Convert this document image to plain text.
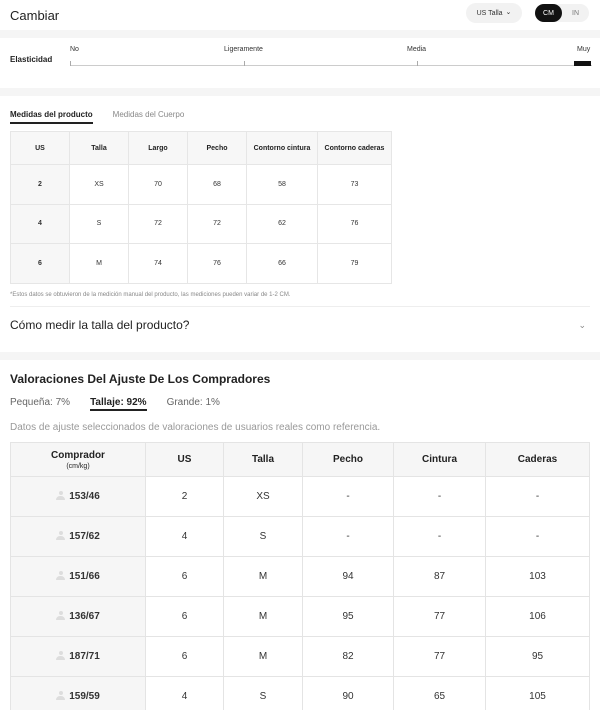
Cambiar	US Talla ⌄	CM	IN
Elasticidad
No	Ligeramente	Media	Muy
Medidas del producto	Medidas del Cuerpo
US	Talla	Largo	Pecho	Contorno cintura	Contorno caderas
2	XS	70	68	58	73
4	S	72	72	62	76
6	M	74	76	66	79

*Estos datos se obtuvieron de la medición manual del producto, las mediciones pueden variar de 1-2 CM.

Cómo medir la talla del producto?	⌄
Valoraciones Del Ajuste De Los Compradores
Pequeña: 7% Tallaje: 92% Grande: 1%

Datos de ajuste seleccionados de valoraciones de usuarios reales como referencia.

Comprador
(cm/kg)	US	Talla	Pecho	Cintura	Caderas
153/46	2	XS	-	-	-
157/62	4	S	-	-	-
151/66	6	M	94	87	103
136/67	6	M	95	77	106
187/71	6	M	82	77	95
159/59	4	S	90	65	105
